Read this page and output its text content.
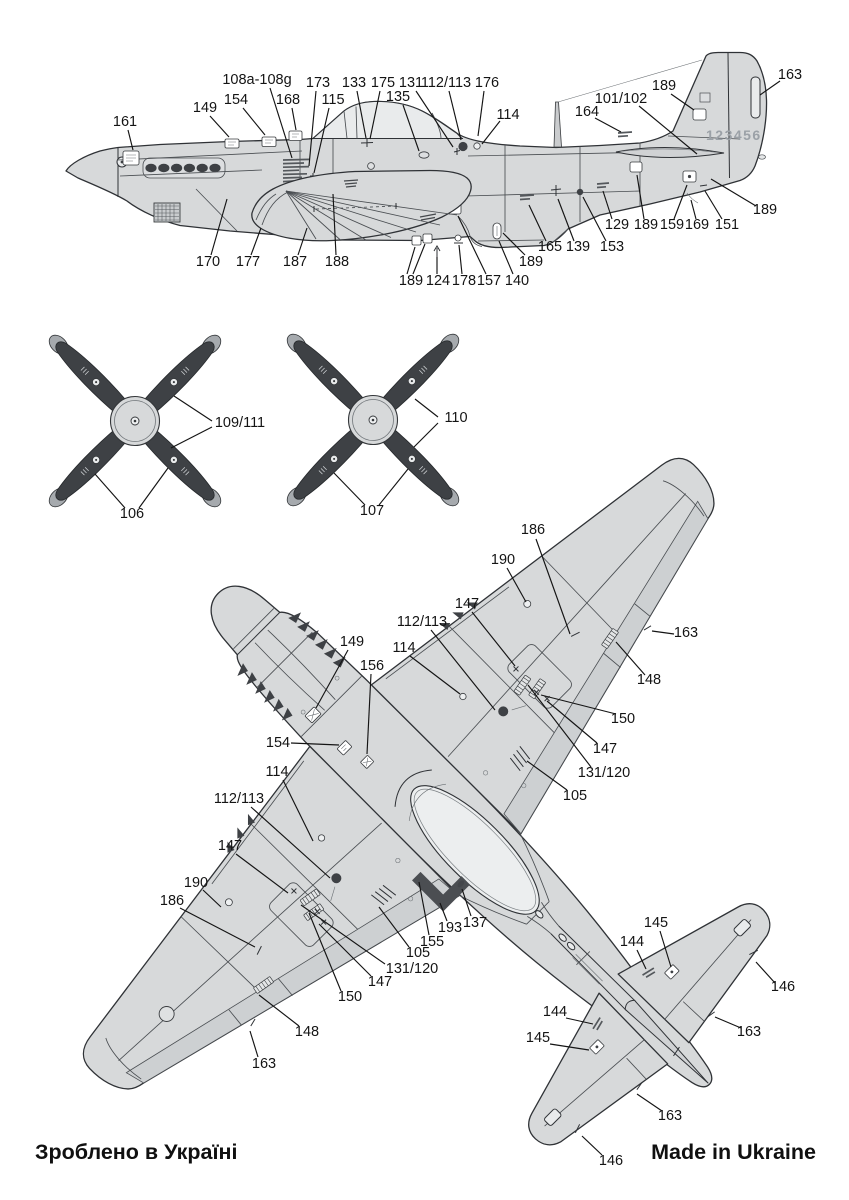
123456
161
149 154
108a-108g
168
173
115
133 175
135
131
112/113 176
114	164
101/102
189
163
170 177 187 188
189 124 178 157 140
189
165 139 153
129 189 159 169 151
189
109/111
106
110
107
186
190
147
112/113
114
149
156
154
114
112/113
147
190
186
163
148
150
147
131/120
105
105
131/120
147
150
155
193 137
148
163
144
145
146
163
144
145
163
146
Зроблено в Україні	Made in Ukraine
